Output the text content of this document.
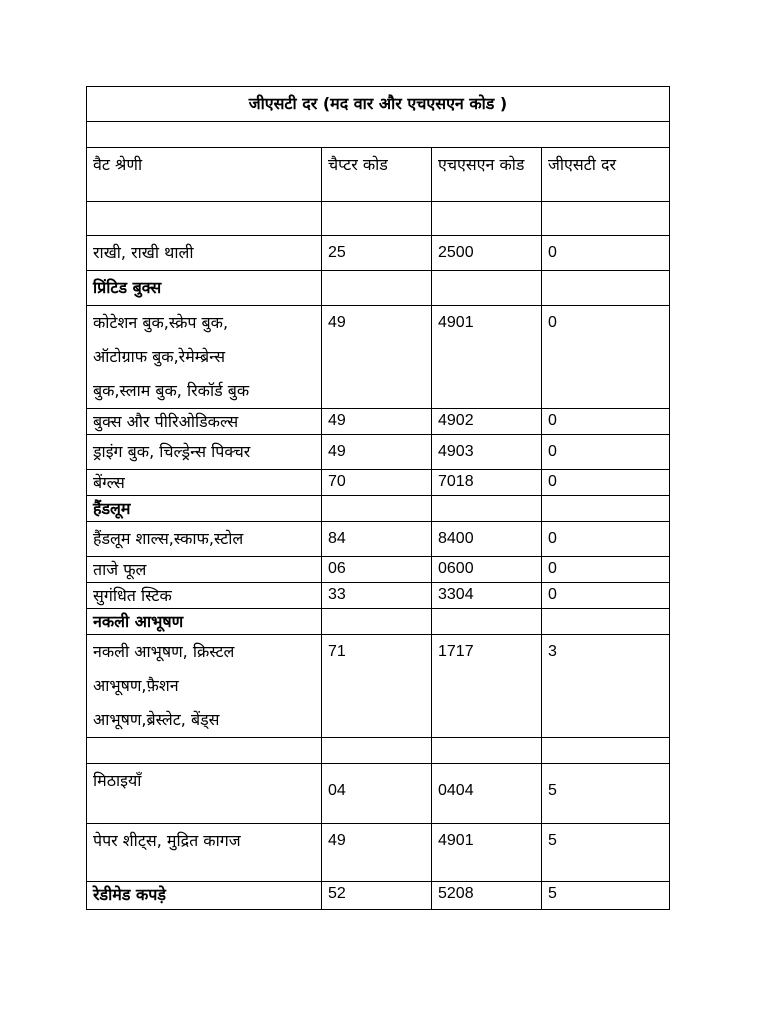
जीएसटी दर (मद वार और एचएसएन कोड )			

वैट श्रेणी	चैप्टर कोड	एचएसएन कोड	जीएसटी दर

राखी, राखी थाली	25	2500	0
प्रिंटिड बुक्स			

कोटेशन बुक,स्क्रेप बुक,
ऑटोग्राफ बुक,रेमेम्ब्रेन्स
बुक,स्लाम बुक, रिकॉर्ड बुक	49	4901	0
बुक्स और पीरिओडिकल्स	49	4902	0
ड्राइंग बुक, चिल्ड्रेन्स पिक्चर	49	4903	0
बेंग्ल्स	70	7018	0
हैंडलूम			
हैंडलूम शाल्स,स्काफ,स्टोल	84	8400	0
ताजे फूल	06	0600	0
सुगंधित स्टिक	33	3304	0
नकली आभूषण			

नकली आभूषण, क्रिस्टल
आभूषण,फ़ैशन
आभूषण,ब्रेस्लेट, बेंड्स	71	1717	3

मिठाइयाँ	04	0404	5
पेपर शीट्स, मुद्रित कागज	49	4901	5
रेडीमेड कपड़े	52	5208	5
